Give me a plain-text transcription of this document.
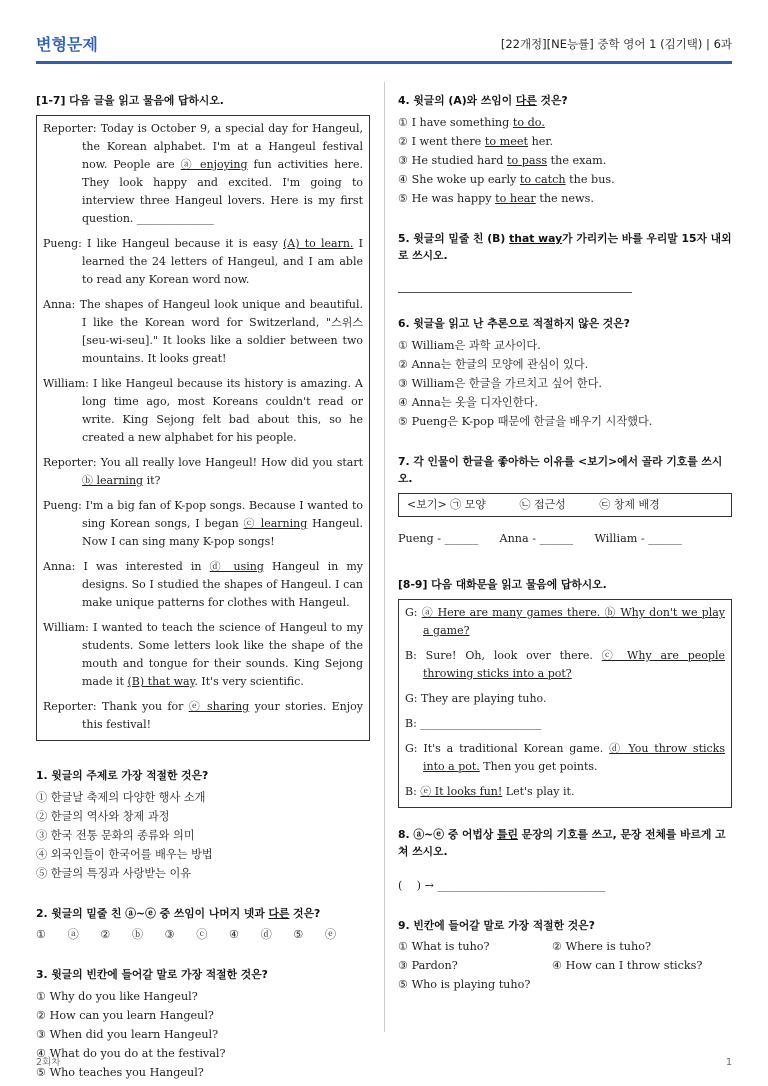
변형문제	[22개정][NE능률] 중학 영어 1 (김기택) | 6과
[1-7] 다음 글을 읽고 물음에 답하시오.
Reporter: Today is October 9, a special day for Hangeul, the Korean alphabet. I'm at a Hangeul festival now. People are ⓐ enjoying fun activities here. They look happy and excited. I'm going to interview three Hangeul lovers. Here is my first question. ______________
Pueng: I like Hangeul because it is easy (A) to learn. I learned the 24 letters of Hangeul, and I am able to read any Korean word now.
Anna: The shapes of Hangeul look unique and beautiful. I like the Korean word for Switzerland, "스위스[seu-wi-seu]." It looks like a soldier between two mountains. It looks great!
William: I like Hangeul because its history is amazing. A long time ago, most Koreans couldn't read or write. King Sejong felt bad about this, so he created a new alphabet for his people.
Reporter: You all really love Hangeul! How did you start ⓑ learning it?
Pueng: I'm a big fan of K-pop songs. Because I wanted to sing Korean songs, I began ⓒ learning Hangeul. Now I can sing many K-pop songs!
Anna: I was interested in ⓓ using Hangeul in my designs. So I studied the shapes of Hangeul. I can make unique patterns for clothes with Hangeul.
William: I wanted to teach the science of Hangeul to my students. Some letters look like the shape of the mouth and tongue for their sounds. King Sejong made it (B) that way. It's very scientific.
Reporter: Thank you for ⓔ sharing your stories. Enjoy this festival!
1. 윗글의 주제로 가장 적절한 것은?
① 한글날 축제의 다양한 행사 소개
② 한글의 역사와 창제 과정
③ 한국 전통 문화의 종류와 의미
④ 외국인들이 한국어를 배우는 방법
⑤ 한글의 특징과 사랑받는 이유
2. 윗글의 밑줄 친 ⓐ~ⓔ 중 쓰임이 나머지 넷과 다른 것은?
① ⓐ ② ⓑ ③ ⓒ ④ ⓓ ⑤ ⓔ
3. 윗글의 빈칸에 들어갈 말로 가장 적절한 것은?
① Why do you like Hangeul?
② How can you learn Hangeul?
③ When did you learn Hangeul?
④ What do you do at the festival?
⑤ Who teaches you Hangeul?
4. 윗글의 (A)와 쓰임이 다른 것은?
① I have something to do.
② I went there to meet her.
③ He studied hard to pass the exam.
④ She woke up early to catch the bus.
⑤ He was happy to hear the news.
5. 윗글의 밑줄 친 (B) that way가 가리키는 바를 우리말 15자 내외로 쓰시오.
6. 윗글을 읽고 난 추론으로 적절하지 않은 것은?
① William은 과학 교사이다.
② Anna는 한글의 모양에 관심이 있다.
③ William은 한글을 가르치고 싶어 한다.
④ Anna는 옷을 디자인한다.
⑤ Pueng은 K-pop 때문에 한글을 배우기 시작했다.
7. 각 인물이 한글을 좋아하는 이유를 <보기>에서 골라 기호를 쓰시오.
<보기> ㉠ 모양	㉡ 접근성	㉢ 창제 배경
Pueng - ______      Anna - ______      William - ______
[8-9] 다음 대화문을 읽고 물음에 답하시오.
G: ⓐ Here are many games there. ⓑ Why don't we play a game?
B: Sure! Oh, look over there. ⓒ Why are people throwing sticks into a pot?
G: They are playing tuho.
B: ______________________
G: It's a traditional Korean game. ⓓ You throw sticks into a pot. Then you get points.
B: ⓔ It looks fun! Let's play it.
8. ⓐ~ⓔ 중 어법상 틀린 문장의 기호를 쓰고, 문장 전체를 바르게 고쳐 쓰시오.
(    ) → ______________________________
9. 빈칸에 들어갈 말로 가장 적절한 것은?
① What is tuho?	② Where is tuho?
③ Pardon?	④ How can I throw sticks?
⑤ Who is playing tuho?
2회차	1
